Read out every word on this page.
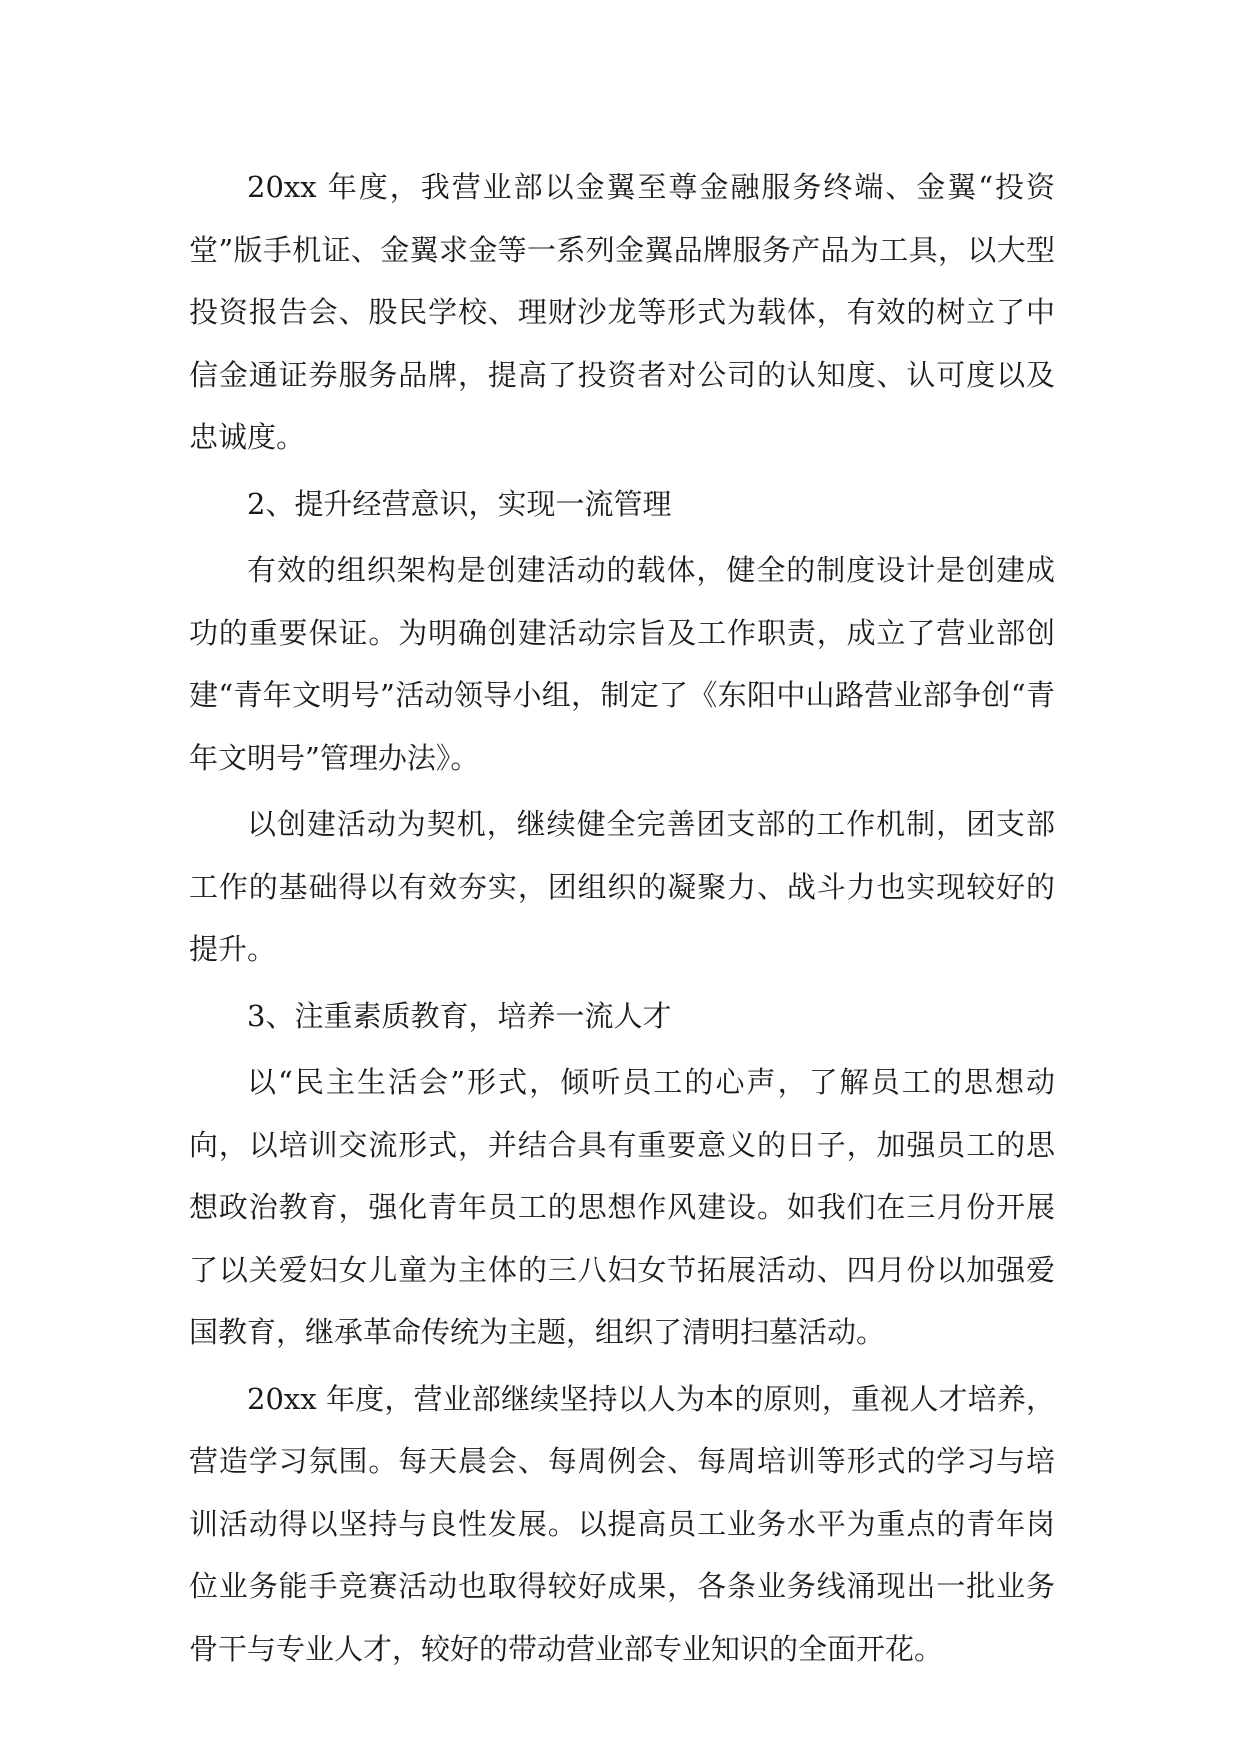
20xx 年度，我营业部以金翼至尊金融服务终端、金翼“投资堂”版手机证、金翼求金等一系列金翼品牌服务产品为工具，以大型投资报告会、股民学校、理财沙龙等形式为载体，有效的树立了中信金通证券服务品牌，提高了投资者对公司的认知度、认可度以及忠诚度。

2、提升经营意识，实现一流管理

有效的组织架构是创建活动的载体，健全的制度设计是创建成功的重要保证。为明确创建活动宗旨及工作职责，成立了营业部创建“青年文明号”活动领导小组，制定了《东阳中山路营业部争创“青年文明号”管理办法》。

以创建活动为契机，继续健全完善团支部的工作机制，团支部工作的基础得以有效夯实，团组织的凝聚力、战斗力也实现较好的提升。

3、注重素质教育，培养一流人才

以“民主生活会”形式，倾听员工的心声，了解员工的思想动向，以培训交流形式，并结合具有重要意义的日子，加强员工的思想政治教育，强化青年员工的思想作风建设。如我们在三月份开展了以关爱妇女儿童为主体的三八妇女节拓展活动、四月份以加强爱国教育，继承革命传统为主题，组织了清明扫墓活动。

20xx 年度，营业部继续坚持以人为本的原则，重视人才培养，营造学习氛围。每天晨会、每周例会、每周培训等形式的学习与培训活动得以坚持与良性发展。以提高员工业务水平为重点的青年岗位业务能手竞赛活动也取得较好成果，各条业务线涌现出一批业务骨干与专业人才，较好的带动营业部专业知识的全面开花。
